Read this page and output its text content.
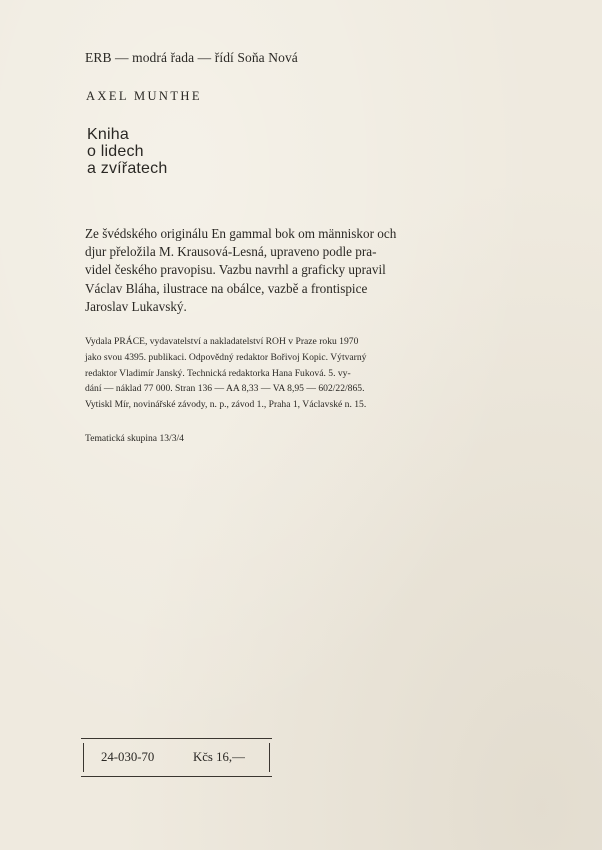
ERB — modrá řada — řídí Soňa Nová
AXEL MUNTHE
Kniha
o lidech
a zvířatech
Ze švédského originálu En gammal bok om människor och
djur přeložila M. Krausová-Lesná, upraveno podle pra-
videl českého pravopisu. Vazbu navrhl a graficky upravil
Václav Bláha, ilustrace na obálce, vazbě a frontispice
Jaroslav Lukavský.
Vydala PRÁCE, vydavatelství a nakladatelství ROH v Praze roku 1970
jako svou 4395. publikaci. Odpovědný redaktor Bořivoj Kopic. Výtvarný
redaktor Vladimír Janský. Technická redaktorka Hana Fuková. 5. vy-
dání — náklad 77 000. Stran 136 — AA 8,33 — VA 8,95 — 602/22/865.
Vytiskl Mír, novinářské závody, n. p., závod 1., Praha 1, Václavské n. 15.
Tematická skupina 13/3/4
24-030-70	Kčs 16,—
